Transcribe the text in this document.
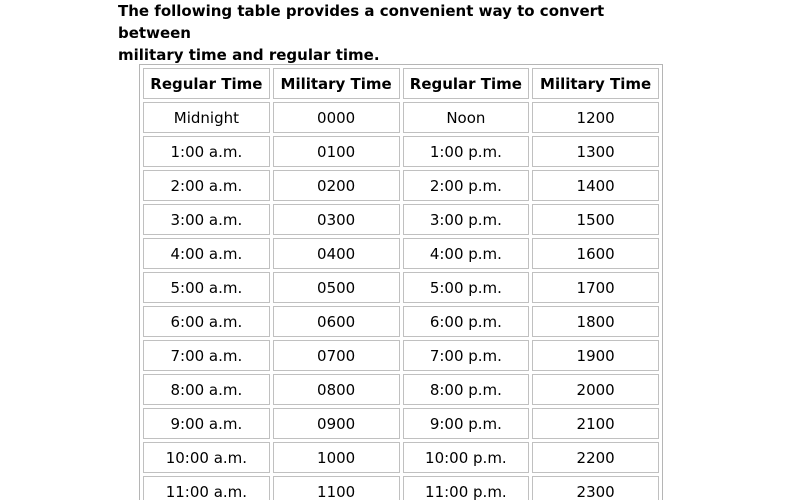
The following table provides a convenient way to convert between
military time and regular time.

Regular Time	Military Time	Regular Time	Military Time
Midnight	0000	Noon	1200
1:00 a.m.	0100	1:00 p.m.	1300
2:00 a.m.	0200	2:00 p.m.	1400
3:00 a.m.	0300	3:00 p.m.	1500
4:00 a.m.	0400	4:00 p.m.	1600
5:00 a.m.	0500	5:00 p.m.	1700
6:00 a.m.	0600	6:00 p.m.	1800
7:00 a.m.	0700	7:00 p.m.	1900
8:00 a.m.	0800	8:00 p.m.	2000
9:00 a.m.	0900	9:00 p.m.	2100
10:00 a.m.	1000	10:00 p.m.	2200
11:00 a.m.	1100	11:00 p.m.	2300
